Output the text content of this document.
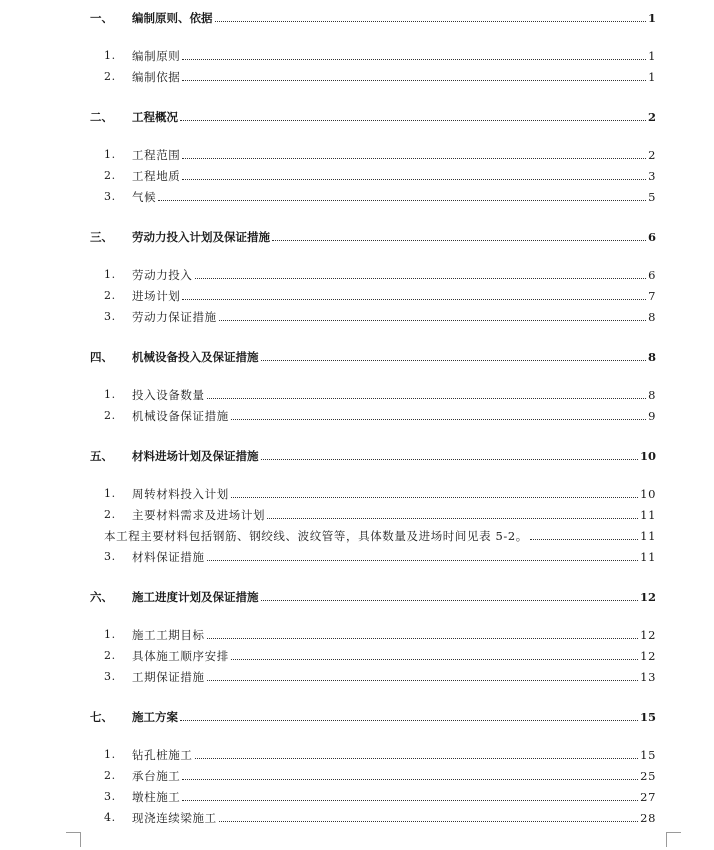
一、 编制原则、依据	1
1. 编制原则	1
2. 编制依据	1
二、 工程概况	2
1. 工程范围	2
2. 工程地质	3
3. 气候	5
三、 劳动力投入计划及保证措施	6
1. 劳动力投入	6
2. 进场计划	7
3. 劳动力保证措施	8
四、 机械设备投入及保证措施	8
1. 投入设备数量	8
2. 机械设备保证措施	9
五、 材料进场计划及保证措施	10
1. 周转材料投入计划	10
2. 主要材料需求及进场计划	11
本工程主要材料包括钢筋、钢绞线、波纹管等，具体数量及进场时间见表 5-2。	11
3. 材料保证措施	11
六、 施工进度计划及保证措施	12
1. 施工工期目标	12
2. 具体施工顺序安排	12
3. 工期保证措施	13
七、 施工方案	15
1. 钻孔桩施工	15
2. 承台施工	25
3. 墩柱施工	27
4. 现浇连续梁施工	28
